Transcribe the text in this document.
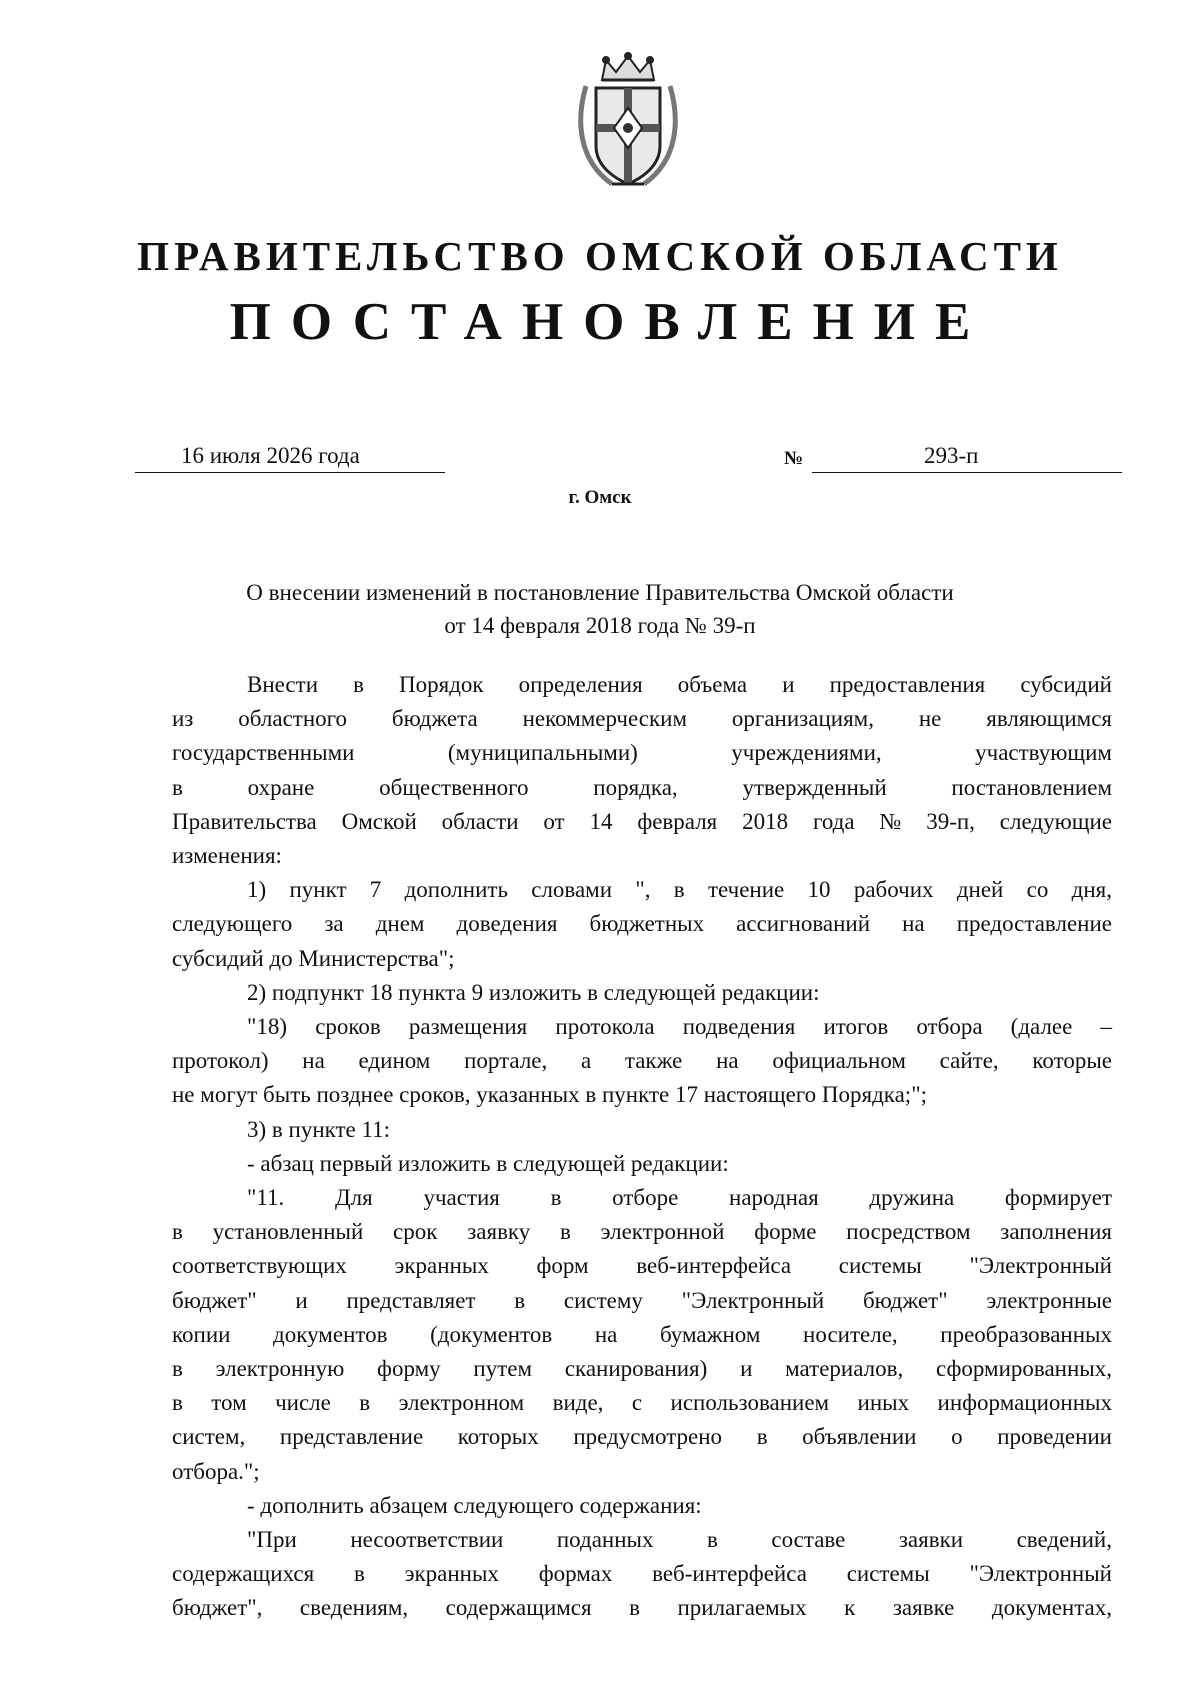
ПРАВИТЕЛЬСТВО ОМСКОЙ ОБЛАСТИ
ПОСТАНОВЛЕНИЕ
16 июля 2026 года	№	293-п
г. Омск
О внесении изменений в постановление Правительства Омской области
от 14 февраля 2018 года № 39-п
Внести в Порядок определения объема и предоставления субсидий
из областного бюджета некоммерческим организациям, не являющимся
государственными (муниципальными) учреждениями, участвующим
в охране общественного порядка, утвержденный постановлением
Правительства Омской области от 14 февраля 2018 года № 39-п, следующие
изменения:
1) пункт 7 дополнить словами ", в течение 10 рабочих дней со дня,
следующего за днем доведения бюджетных ассигнований на предоставление
субсидий до Министерства";
2) подпункт 18 пункта 9 изложить в следующей редакции:
"18) сроков размещения протокола подведения итогов отбора (далее –
протокол) на едином портале, а также на официальном сайте, которые
не могут быть позднее сроков, указанных в пункте 17 настоящего Порядка;";
3) в пункте 11:
- абзац первый изложить в следующей редакции:
"11. Для участия в отборе народная дружина формирует
в установленный срок заявку в электронной форме посредством заполнения
соответствующих экранных форм веб-интерфейса системы "Электронный
бюджет" и представляет в систему "Электронный бюджет" электронные
копии документов (документов на бумажном носителе, преобразованных
в электронную форму путем сканирования) и материалов, сформированных,
в том числе в электронном виде, с использованием иных информационных
систем, представление которых предусмотрено в объявлении о проведении
отбора.";
- дополнить абзацем следующего содержания:
"При несоответствии поданных в составе заявки сведений,
содержащихся в экранных формах веб-интерфейса системы "Электронный
бюджет", сведениям, содержащимся в прилагаемых к заявке документах,
